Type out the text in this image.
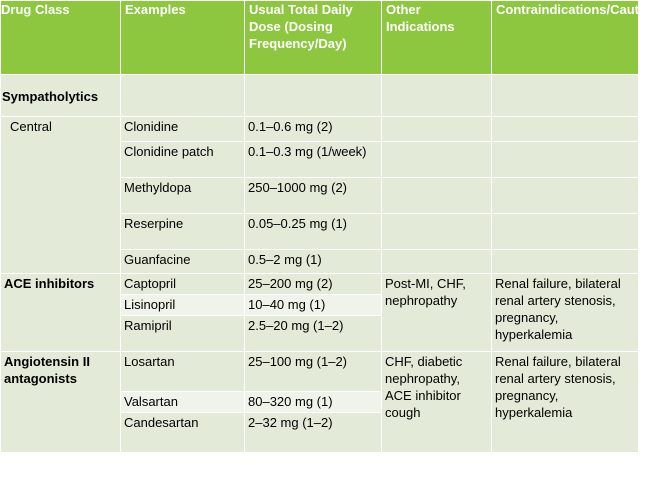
Drug Class	Examples	Usual Total Daily Dose (Dosing Frequency/Day)	Other Indications	Contraindications/Cautions
Sympatholytics				
Central	Clonidine	0.1–0.6 mg (2)		
	Clonidine patch	0.1–0.3 mg (1/week)		
	Methyldopa	250–1000 mg (2)		
	Reserpine	0.05–0.25 mg (1)		
	Guanfacine	0.5–2 mg (1)		
ACE inhibitors	Captopril	25–200 mg (2)	Post-MI, CHF, nephropathy	Renal failure, bilateral renal artery stenosis, pregnancy, hyperkalemia
	Lisinopril	10–40 mg (1)		
	Ramipril	2.5–20 mg (1–2)		
Angiotensin II antagonists	Losartan	25–100 mg (1–2)	CHF, diabetic nephropathy, ACE inhibitor cough	Renal failure, bilateral renal artery stenosis, pregnancy, hyperkalemia
	Valsartan	80–320 mg (1)		
	Candesartan	2–32 mg (1–2)		
